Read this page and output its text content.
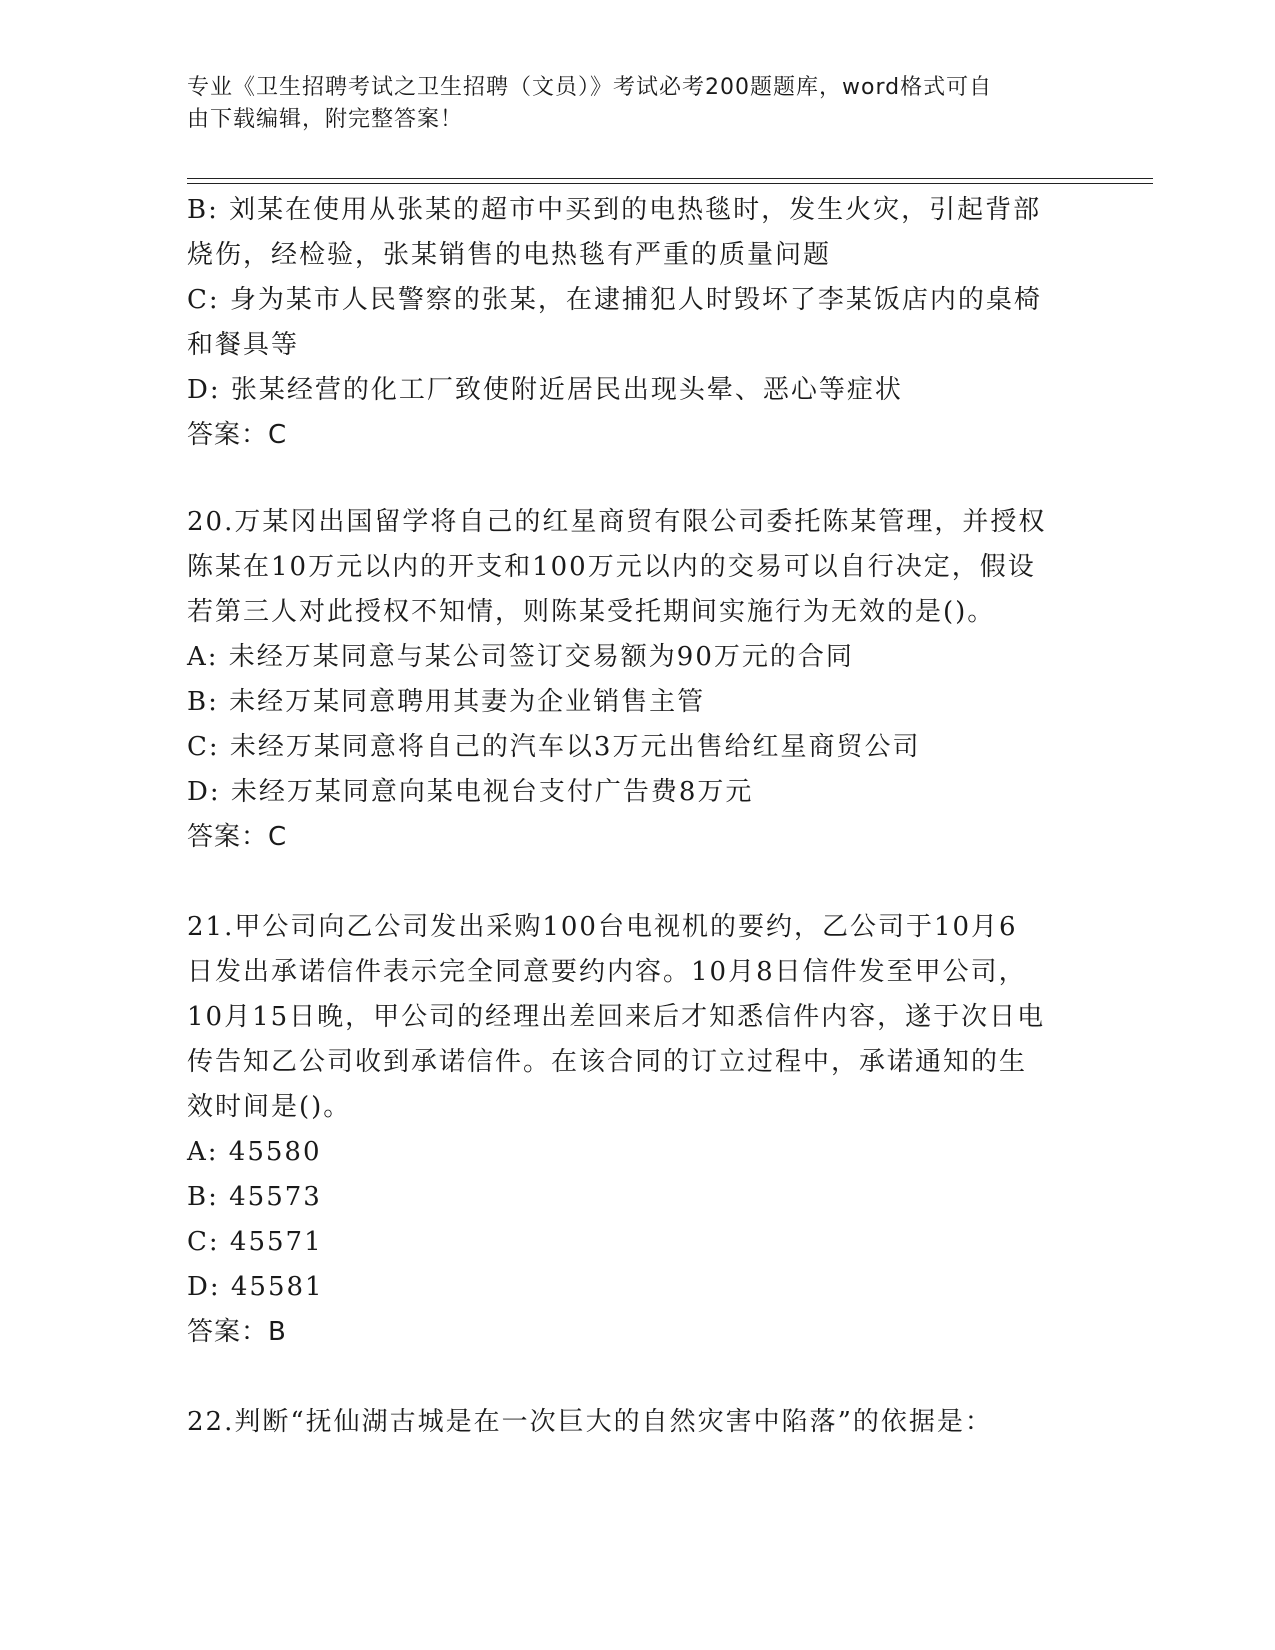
专业《卫生招聘考试之卫生招聘（文员）》考试必考200题题库，word格式可自
由下载编辑，附完整答案！
B: 刘某在使用从张某的超市中买到的电热毯时，发生火灾，引起背部
烧伤，经检验，张某销售的电热毯有严重的质量问题
C: 身为某市人民警察的张某，在逮捕犯人时毁坏了李某饭店内的桌椅
和餐具等
D: 张某经营的化工厂致使附近居民出现头晕、恶心等症状
答案：C
20.万某冈出国留学将自己的红星商贸有限公司委托陈某管理，并授权
陈某在10万元以内的开支和100万元以内的交易可以自行决定，假设
若第三人对此授权不知情，则陈某受托期间实施行为无效的是()。
A: 未经万某同意与某公司签订交易额为90万元的合同
B: 未经万某同意聘用其妻为企业销售主管
C: 未经万某同意将自己的汽车以3万元出售给红星商贸公司
D: 未经万某同意向某电视台支付广告费8万元
答案：C
21.甲公司向乙公司发出采购100台电视机的要约，乙公司于10月6
日发出承诺信件表示完全同意要约内容。10月8日信件发至甲公司，
10月15日晚，甲公司的经理出差回来后才知悉信件内容，遂于次日电
传告知乙公司收到承诺信件。在该合同的订立过程中，承诺通知的生
效时间是()。
A: 45580
B: 45573
C: 45571
D: 45581
答案：B
22.判断“抚仙湖古城是在一次巨大的自然灾害中陷落”的依据是：
